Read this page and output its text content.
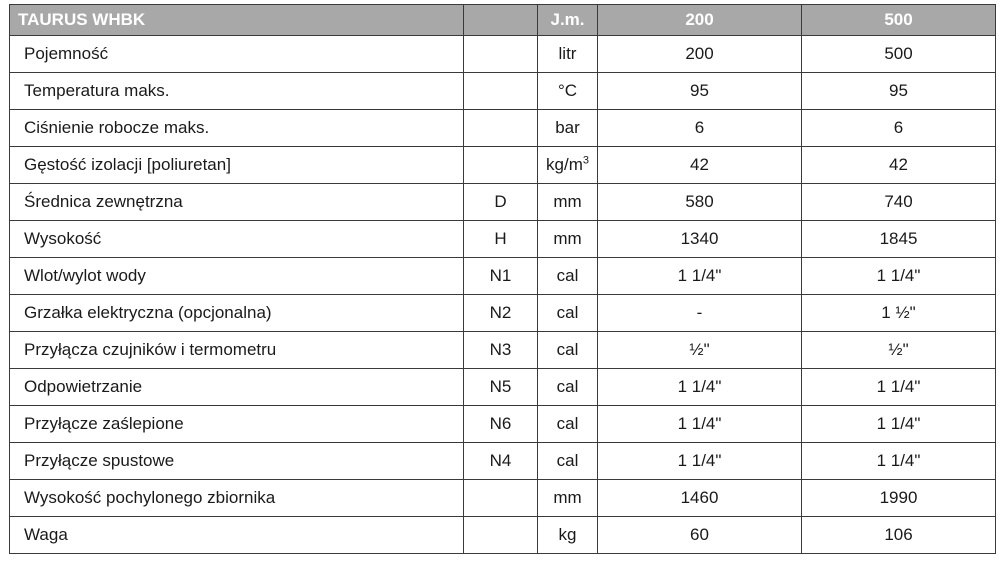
TAURUS WHBK		J.m.	200	500
Pojemność		litr	200	500
Temperatura maks.		°C	95	95
Ciśnienie robocze maks.		bar	6	6
Gęstość izolacji [poliuretan]		$kg/m^3$	42	42
Średnica zewnętrzna	D	mm	580	740
Wysokość	H	mm	1340	1845
Wlot/wylot wody	N1	cal	1 1/4"	1 1/4"
Grzałka elektryczna (opcjonalna)	N2	cal	-	1 ½"
Przyłącza czujników i termometru	N3	cal	½"	½"
Odpowietrzanie	N5	cal	1 1/4"	1 1/4"
Przyłącze zaślepione	N6	cal	1 1/4"	1 1/4"
Przyłącze spustowe	N4	cal	1 1/4"	1 1/4"
Wysokość pochylonego zbiornika		mm	1460	1990
Waga		kg	60	106
